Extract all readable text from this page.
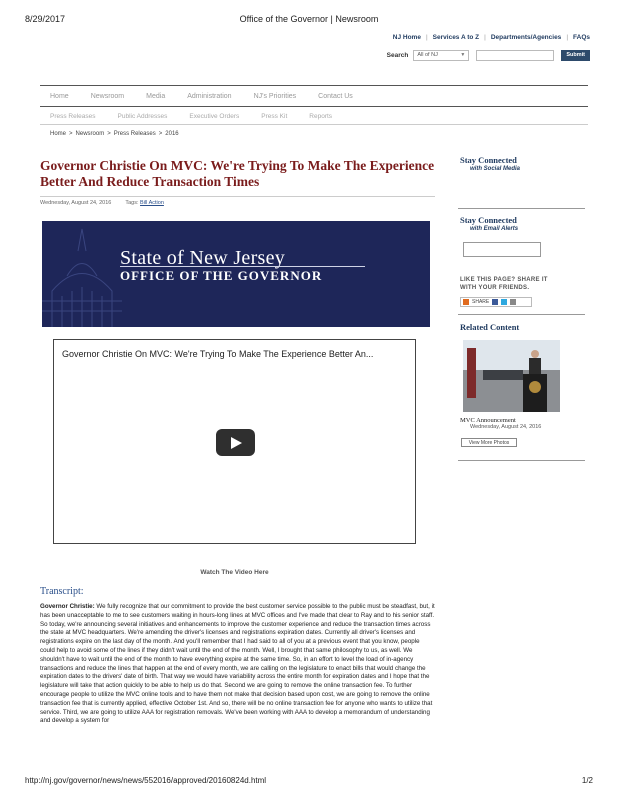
8/29/2017	Office of the Governor | Newsroom
NJ Home | Services A to Z | Departments/Agencies | FAQs
Search	All of NJ	▼	Submit
Home	Newsroom	Media	Administration	NJ's Priorities	Contact Us
Press Releases	Public Addresses	Executive Orders	Press Kit	Reports
Home > Newsroom > Press Releases > 2016
Governor Christie On MVC: We're Trying To Make The Experience Better And Reduce Transaction Times
Wednesday, August 24, 2016	Tags: Bill Action
State of New Jersey
OFFICE OF THE GOVERNOR
Governor Christie On MVC: We're Trying To Make The Experience Better An...
Watch The Video Here
Transcript:
Governor Christie: We fully recognize that our commitment to provide the best customer service possible to the public must be steadfast, but, it has been unacceptable to me to see customers waiting in hours-long lines at MVC offices and I've made that clear to Ray and to his senior staff. So today, we're announcing several initiatives and enhancements to improve the customer experience and reduce the transaction times across the state at MVC headquarters. We're amending the driver's licenses and registrations expiration dates. Currently all driver's licenses and registrations expire on the last day of the month. And you'll remember that I had said to all of you at a previous event that you know, people could help to avoid some of the lines if they didn't wait until the end of the month. Well, I brought that same philosophy to us, as well. We shouldn't have to wait until the end of the month to have everything expire at the same time. So, in an effort to level the load of in-agency transactions and reduce the lines that happen at the end of every month, we are calling on the legislature to enact bills that would change the expiration dates to the drivers' date of birth. That way we would have variability across the entire month for expiration dates and I hope that the legislature will take that action quickly to be able to help us do that. Second we are going to remove the online transaction fee. To further encourage people to utilize the MVC online tools and to have them not make that decision based upon cost, we are going to remove the online transaction fee that is currently applied, effective October 1st. And so, there will be no online transaction fee for anyone who wants to utilize that service. Third, we are going to utilize AAA for registration removals. We've been working with AAA to develop a memorandum of understanding and develop a system for
Stay Connected
with Social Media
Stay Connected
with Email Alerts
LIKE THIS PAGE? SHARE IT
WITH YOUR FRIENDS.
SHARE
Related Content
MVC Announcement
Wednesday, August 24, 2016
View More Photos
http://nj.gov/governor/news/news/552016/approved/20160824d.html	1/2
